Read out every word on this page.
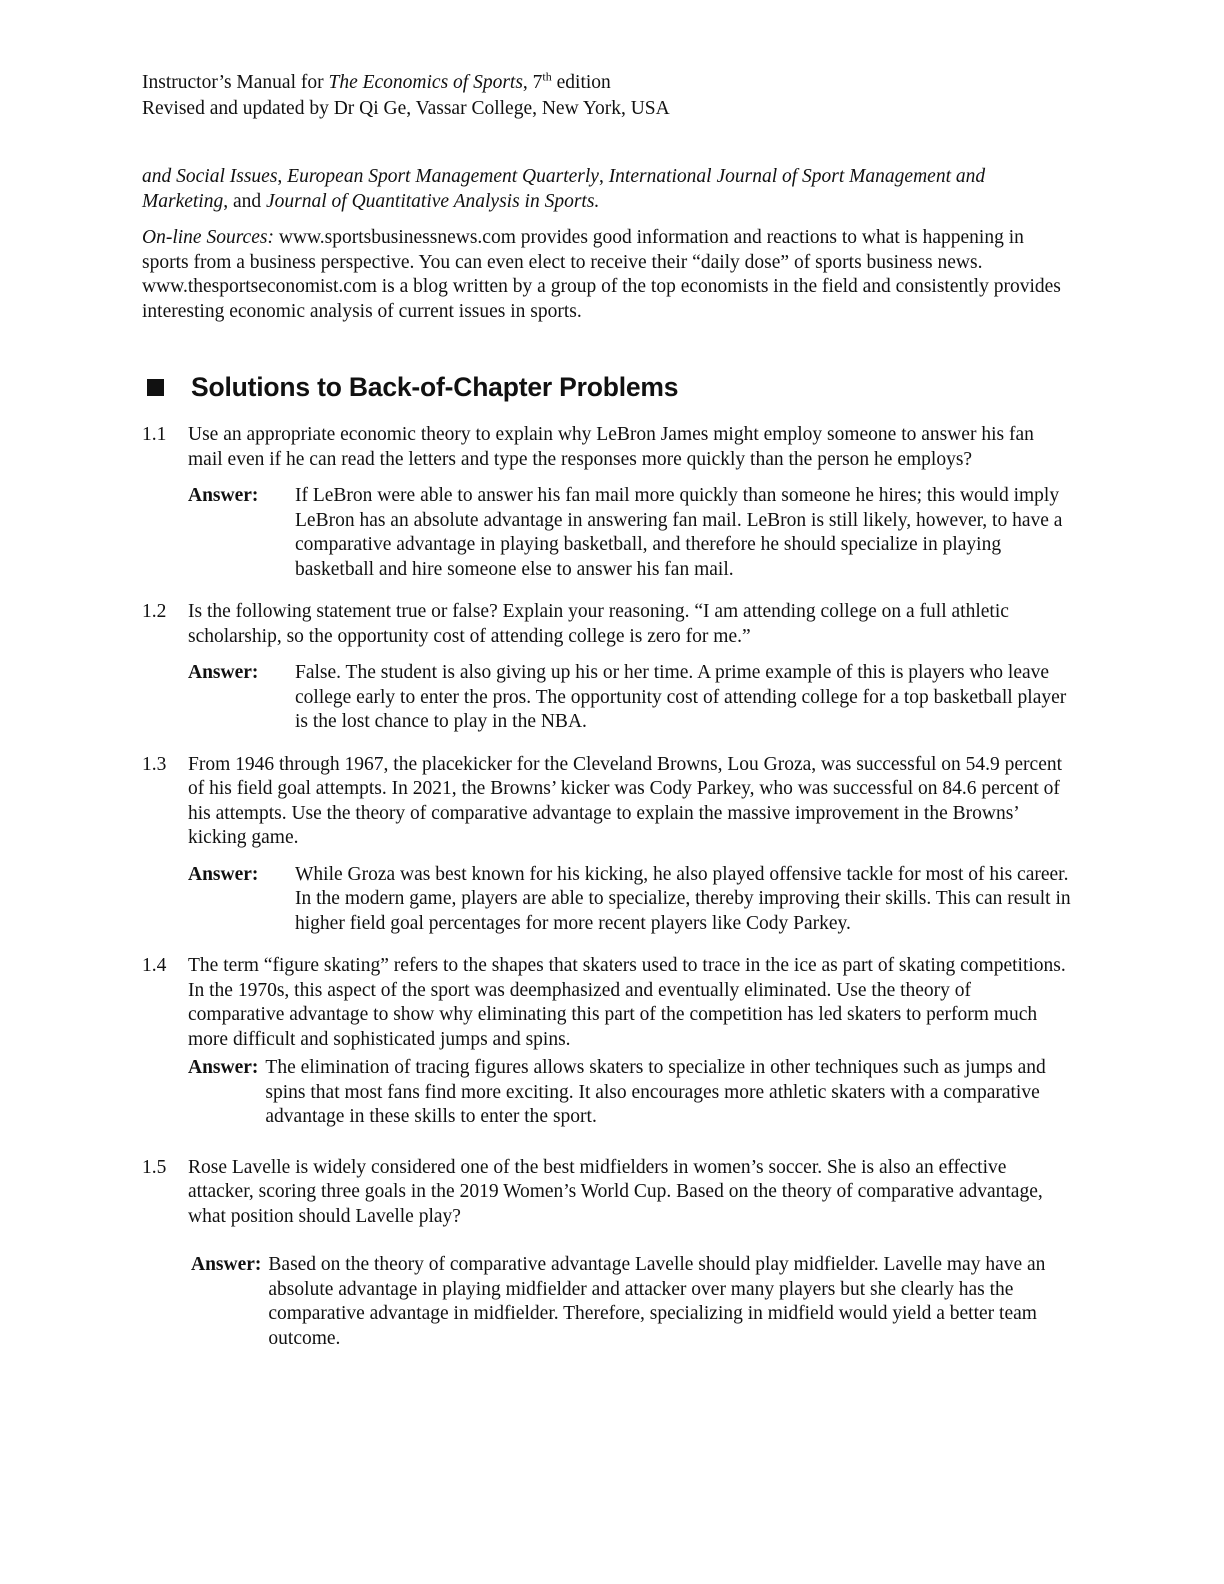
Instructor’s Manual for The Economics of Sports, 7th edition
Revised and updated by Dr Qi Ge, Vassar College, New York, USA

and Social Issues, European Sport Management Quarterly, International Journal of Sport Management and Marketing, and Journal of Quantitative Analysis in Sports.

On-line Sources: www.sportsbusinessnews.com provides good information and reactions to what is happening in sports from a business perspective. You can even elect to receive their “daily dose” of sports business news. www.thesportseconomist.com is a blog written by a group of the top economists in the field and consistently provides interesting economic analysis of current issues in sports.

Solutions to Back-of-Chapter Problems
1.1	Use an appropriate economic theory to explain why LeBron James might employ someone to answer his fan mail even if he can read the letters and type the responses more quickly than the person he employs?
Answer:	If LeBron were able to answer his fan mail more quickly than someone he hires; this would imply LeBron has an absolute advantage in answering fan mail. LeBron is still likely, however, to have a comparative advantage in playing basketball, and therefore he should specialize in playing basketball and hire someone else to answer his fan mail.
1.2	Is the following statement true or false? Explain your reasoning. “I am attending college on a full athletic scholarship, so the opportunity cost of attending college is zero for me.”
Answer:	False. The student is also giving up his or her time. A prime example of this is players who leave college early to enter the pros. The opportunity cost of attending college for a top basketball player is the lost chance to play in the NBA.
1.3	From 1946 through 1967, the placekicker for the Cleveland Browns, Lou Groza, was successful on 54.9 percent of his field goal attempts. In 2021, the Browns’ kicker was Cody Parkey, who was successful on 84.6 percent of his attempts. Use the theory of comparative advantage to explain the massive improvement in the Browns’ kicking game.
Answer:	While Groza was best known for his kicking, he also played offensive tackle for most of his career. In the modern game, players are able to specialize, thereby improving their skills. This can result in higher field goal percentages for more recent players like Cody Parkey.
1.4	The term “figure skating” refers to the shapes that skaters used to trace in the ice as part of skating competitions. In the 1970s, this aspect of the sport was deemphasized and eventually eliminated. Use the theory of comparative advantage to show why eliminating this part of the competition has led skaters to perform much more difficult and sophisticated jumps and spins.
Answer: The elimination of tracing figures allows skaters to specialize in other techniques such as jumps and spins that most fans find more exciting. It also encourages more athletic skaters with a comparative advantage in these skills to enter the sport.
1.5	Rose Lavelle is widely considered one of the best midfielders in women’s soccer. She is also an effective attacker, scoring three goals in the 2019 Women’s World Cup. Based on the theory of comparative advantage, what position should Lavelle play?
Answer: Based on the theory of comparative advantage Lavelle should play midfielder. Lavelle may have an absolute advantage in playing midfielder and attacker over many players but she clearly has the comparative advantage in midfielder. Therefore, specializing in midfield would yield a better team outcome.
